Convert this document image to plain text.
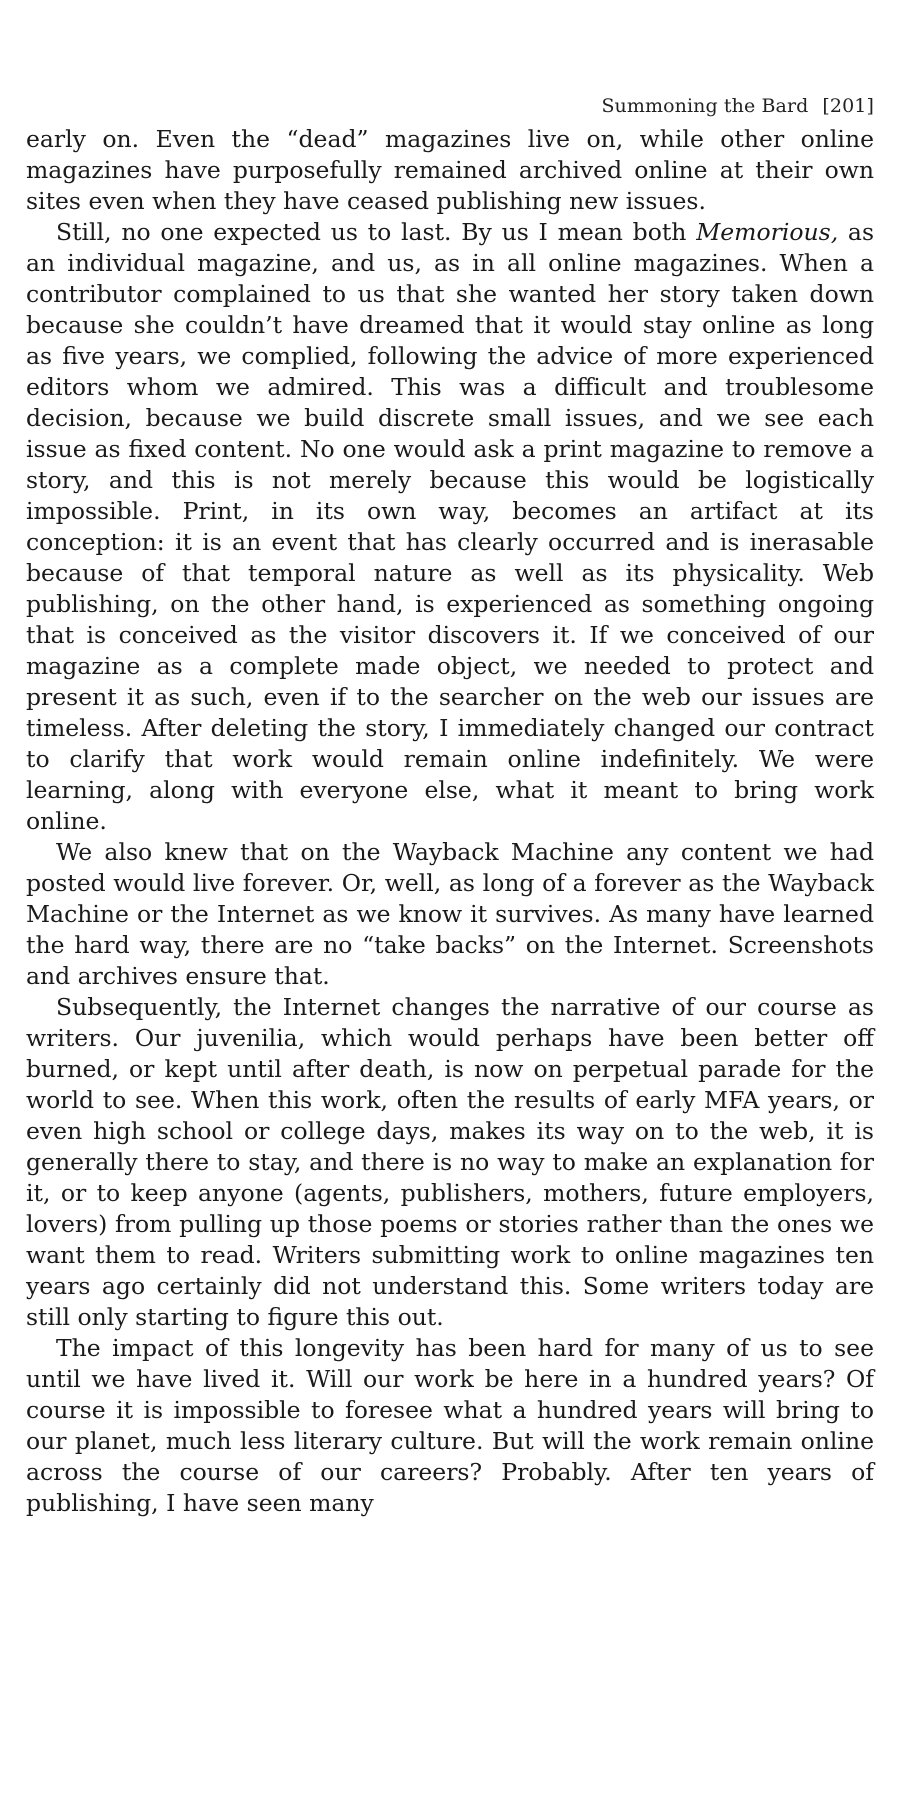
Summoning the Bard [201]

early on. Even the “dead” magazines live on, while other online magazines have purposefully remained archived online at their own sites even when they have ceased publishing new issues.

Still, no one expected us to last. By us I mean both Memorious, as an individual magazine, and us, as in all online magazines. When a contributor complained to us that she wanted her story taken down because she couldn’t have dreamed that it would stay online as long as five years, we complied, following the advice of more experienced editors whom we admired. This was a difficult and troublesome decision, because we build discrete small issues, and we see each issue as fixed content. No one would ask a print magazine to remove a story, and this is not merely because this would be logistically impossible. Print, in its own way, becomes an artifact at its conception: it is an event that has clearly occurred and is inerasable because of that temporal nature as well as its physicality. Web publishing, on the other hand, is experienced as something ongoing that is conceived as the visitor discovers it. If we conceived of our magazine as a complete made object, we needed to protect and present it as such, even if to the searcher on the web our issues are timeless. After deleting the story, I immediately changed our contract to clarify that work would remain online indefinitely. We were learning, along with everyone else, what it meant to bring work online.

We also knew that on the Wayback Machine any content we had posted would live forever. Or, well, as long of a forever as the Wayback Machine or the Internet as we know it survives. As many have learned the hard way, there are no “take backs” on the Internet. Screenshots and archives ensure that.

Subsequently, the Internet changes the narrative of our course as writers. Our juvenilia, which would perhaps have been better off burned, or kept until after death, is now on perpetual parade for the world to see. When this work, often the results of early MFA years, or even high school or college days, makes its way on to the web, it is generally there to stay, and there is no way to make an explanation for it, or to keep anyone (agents, publishers, mothers, future employers, lovers) from pulling up those poems or stories rather than the ones we want them to read. Writers submitting work to online magazines ten years ago certainly did not understand this. Some writers today are still only starting to figure this out.

The impact of this longevity has been hard for many of us to see until we have lived it. Will our work be here in a hundred years? Of course it is impossible to foresee what a hundred years will bring to our planet, much less literary culture. But will the work remain online across the course of our careers? Probably. After ten years of publishing, I have seen many
